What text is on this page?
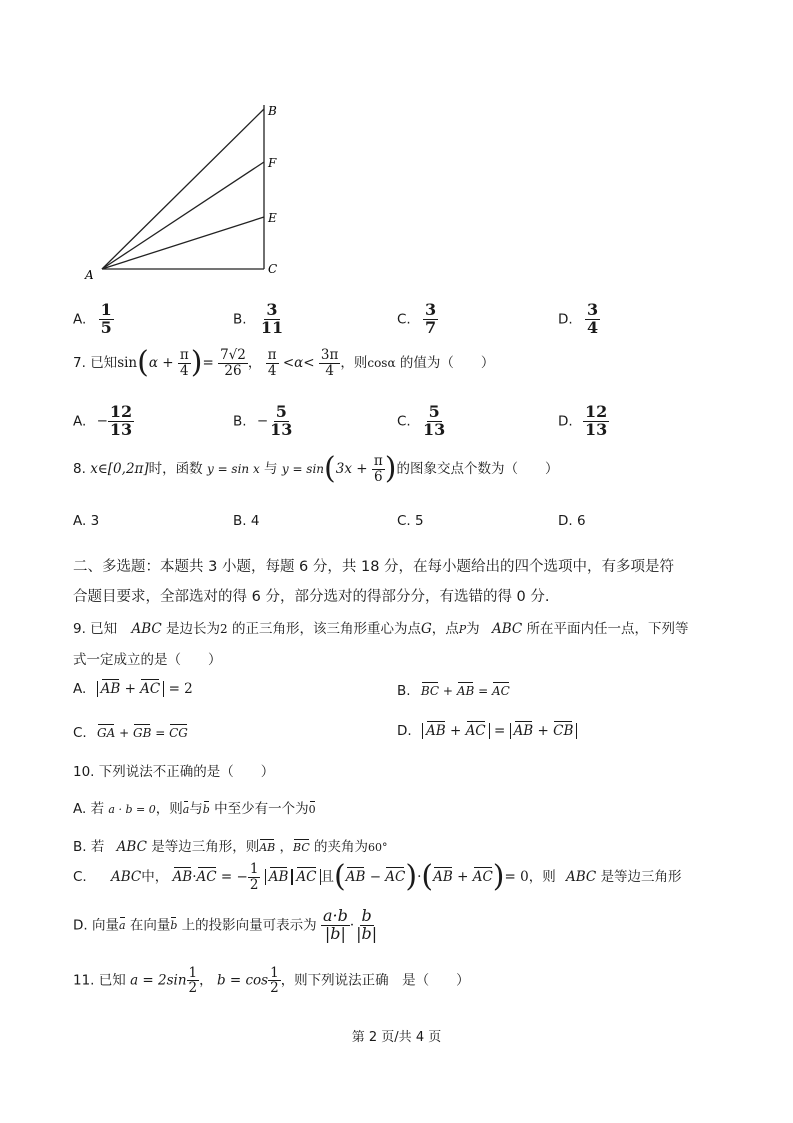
B
F
E
C
A
A. $\frac{1}{5}$	B. $\frac{3}{11}$	C. $\frac{3}{7}$	D. $\frac{3}{4}$
7. 已知$\sin(\alpha + \frac{\pi}{4}$ )= $\frac{7√2}{26}$ ， $\frac{\pi}{4} <\alpha< \frac{3\pi}{4}$ ，则cosα 的值为（　　）
A. − $\frac{12}{13}$	B. − $\frac{5}{13}$	C. $\frac{5}{13}$	D. $\frac{12}{13}$
8. x∈[0,2π]时，函数 y = sin x 与 $y = \sin(3x + \frac{\pi}{6}$ )的图象交点个数为（　　）
A. 3	B. 4	C. 5	D. 6
二、多选题：本题共 3 小题，每题 6 分，共 18 分，在每小题给出的四个选项中，有多项是符
合题目要求，全部选对的得 6 分，部分选对的得部分分，有选错的得 0 分.
9. 已知 ABC 是边长为2 的正三角形，该三角形重心为点G，点P为 ABC 所在平面内任一点，下列等
式一定成立的是（　　）
A. AB + AC = 2	B. BC + AB = AC
C. GA + GB = CG	D. AB + AC = AB + CB
10. 下列说法不正确的是（　　）
A. 若 a · b = 0，则a与b 中至少有一个为0
B. 若 ABC 是等边三角形，则AB ，BC 的夹角为60°
C. ABC中， AB·AC = − $\frac{1}{2}$ AB AC 且(AB − AC)·(AB + AC)= 0，则 ABC 是等边三角形
D. 向量a 在向量b 上的投影向量可表示为 $\frac{a\cdot b}{|b|} \cdot \frac{b}{|b|}$
11. 已知 $a = 2\sin \frac{1}{2}$ ， $b = \cos \frac{1}{2}$ ，则下列说法正确　是（　　）
第 2 页/共 4 页
